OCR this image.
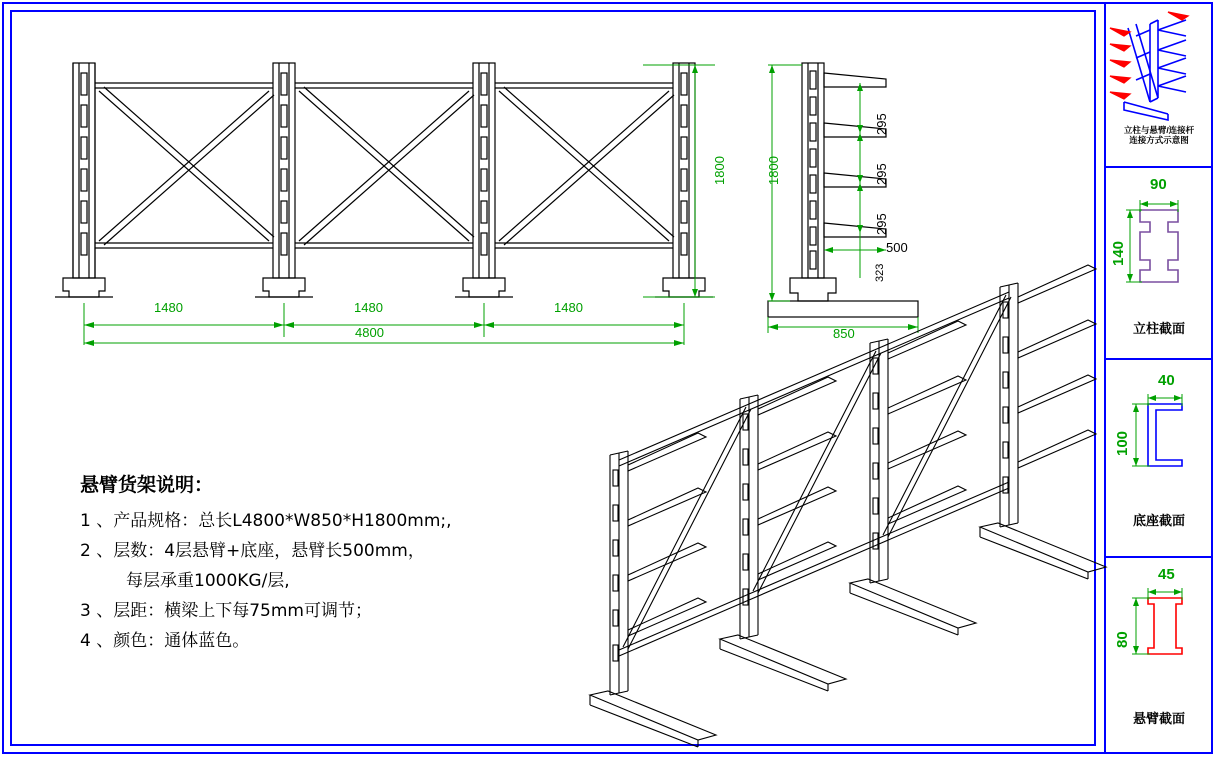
1800
1480	1480	1480
4800
295
295
295
323
1800
500
850
悬臂货架说明：
1 、产品规格：总长L4800*W850*H1800mm;,
2 、层数：4层悬臂+底座，悬臂长500mm，
每层承重1000KG/层,
3 、层距：横梁上下每75mm可调节；
4 、颜色：通体蓝色。
立柱与悬臂/连接杆
连接方式示意图
90
140
立柱截面
40
100
底座截面
45
80
悬臂截面
